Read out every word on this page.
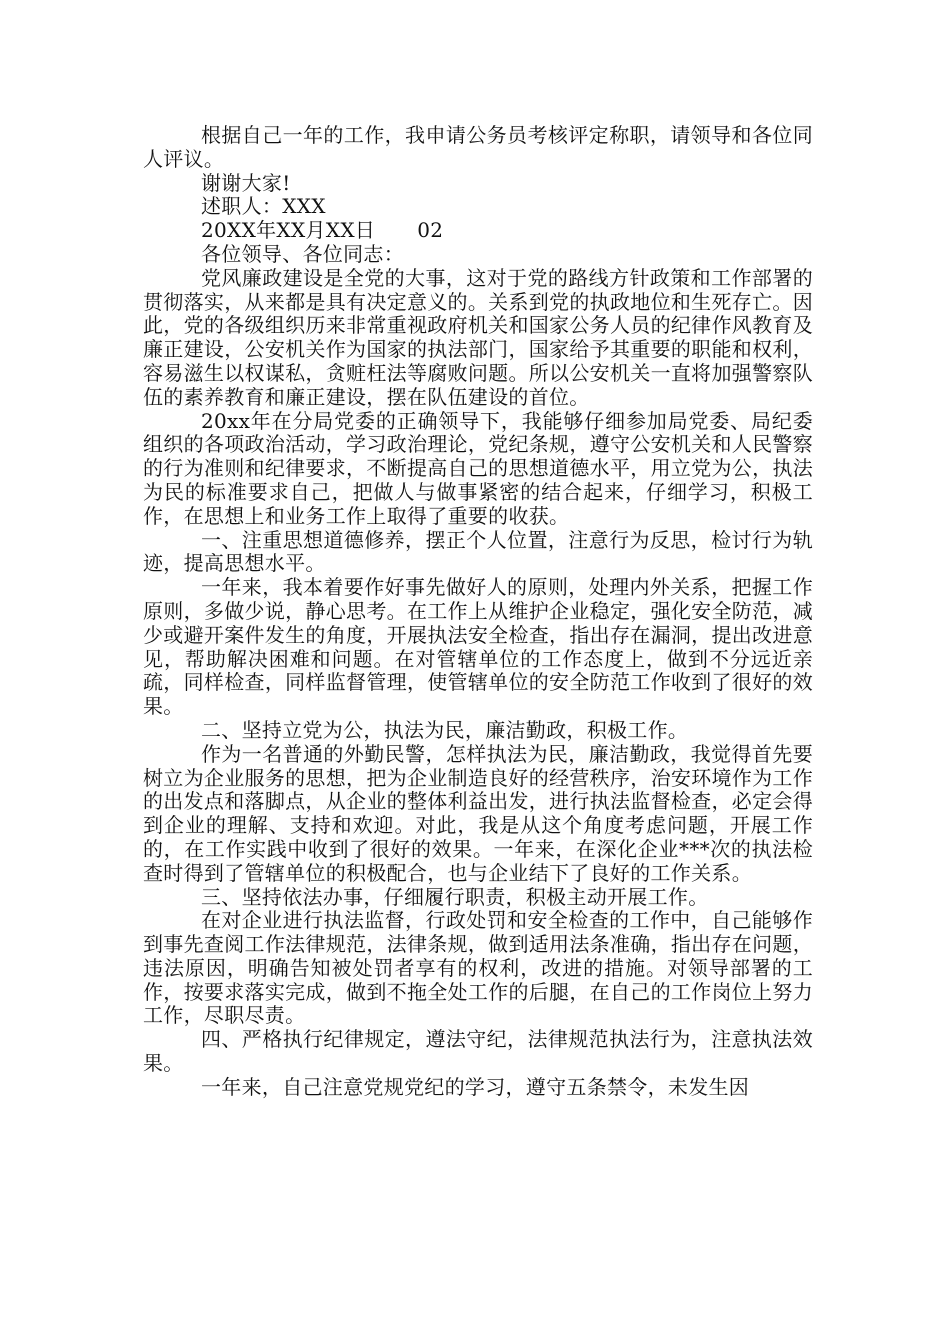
根据自己一年的工作，我申请公务员考核评定称职，请领导和各位同人评议。

谢谢大家!

述职人：XXX

20XX年XX月XX日 02

各位领导、各位同志：

党风廉政建设是全党的大事，这对于党的路线方针政策和工作部署的贯彻落实，从来都是具有决定意义的。关系到党的执政地位和生死存亡。因此，党的各级组织历来非常重视政府机关和国家公务人员的纪律作风教育及廉正建设，公安机关作为国家的执法部门，国家给予其重要的职能和权利，容易滋生以权谋私，贪赃枉法等腐败问题。所以公安机关一直将加强警察队伍的素养教育和廉正建设，摆在队伍建设的首位。

20xx年在分局党委的正确领导下，我能够仔细参加局党委、局纪委组织的各项政治活动，学习政治理论，党纪条规，遵守公安机关和人民警察的行为准则和纪律要求，不断提高自己的思想道德水平，用立党为公，执法为民的标准要求自己，把做人与做事紧密的结合起来，仔细学习，积极工作，在思想上和业务工作上取得了重要的收获。

一、注重思想道德修养，摆正个人位置，注意行为反思，检讨行为轨迹，提高思想水平。

一年来，我本着要作好事先做好人的原则，处理内外关系，把握工作原则，多做少说，静心思考。在工作上从维护企业稳定，强化安全防范，减少或避开案件发生的角度，开展执法安全检查，指出存在漏洞，提出改进意见，帮助解决困难和问题。在对管辖单位的工作态度上，做到不分远近亲疏，同样检查，同样监督管理，使管辖单位的安全防范工作收到了很好的效果。

二、坚持立党为公，执法为民，廉洁勤政，积极工作。

作为一名普通的外勤民警，怎样执法为民，廉洁勤政，我觉得首先要树立为企业服务的思想，把为企业制造良好的经营秩序，治安环境作为工作的出发点和落脚点，从企业的整体利益出发，进行执法监督检查，必定会得到企业的理解、支持和欢迎。对此，我是从这个角度考虑问题，开展工作的，在工作实践中收到了很好的效果。一年来，在深化企业***次的执法检查时得到了管辖单位的积极配合，也与企业结下了良好的工作关系。

三、坚持依法办事，仔细履行职责，积极主动开展工作。

在对企业进行执法监督，行政处罚和安全检查的工作中，自己能够作到事先查阅工作法律规范，法律条规，做到适用法条准确，指出存在问题，违法原因，明确告知被处罚者享有的权利，改进的措施。对领导部署的工作，按要求落实完成，做到不拖全处工作的后腿，在自己的工作岗位上努力工作，尽职尽责。

四、严格执行纪律规定，遵法守纪，法律规范执法行为，注意执法效果。

一年来，自己注意党规党纪的学习，遵守五条禁令，未发生因
